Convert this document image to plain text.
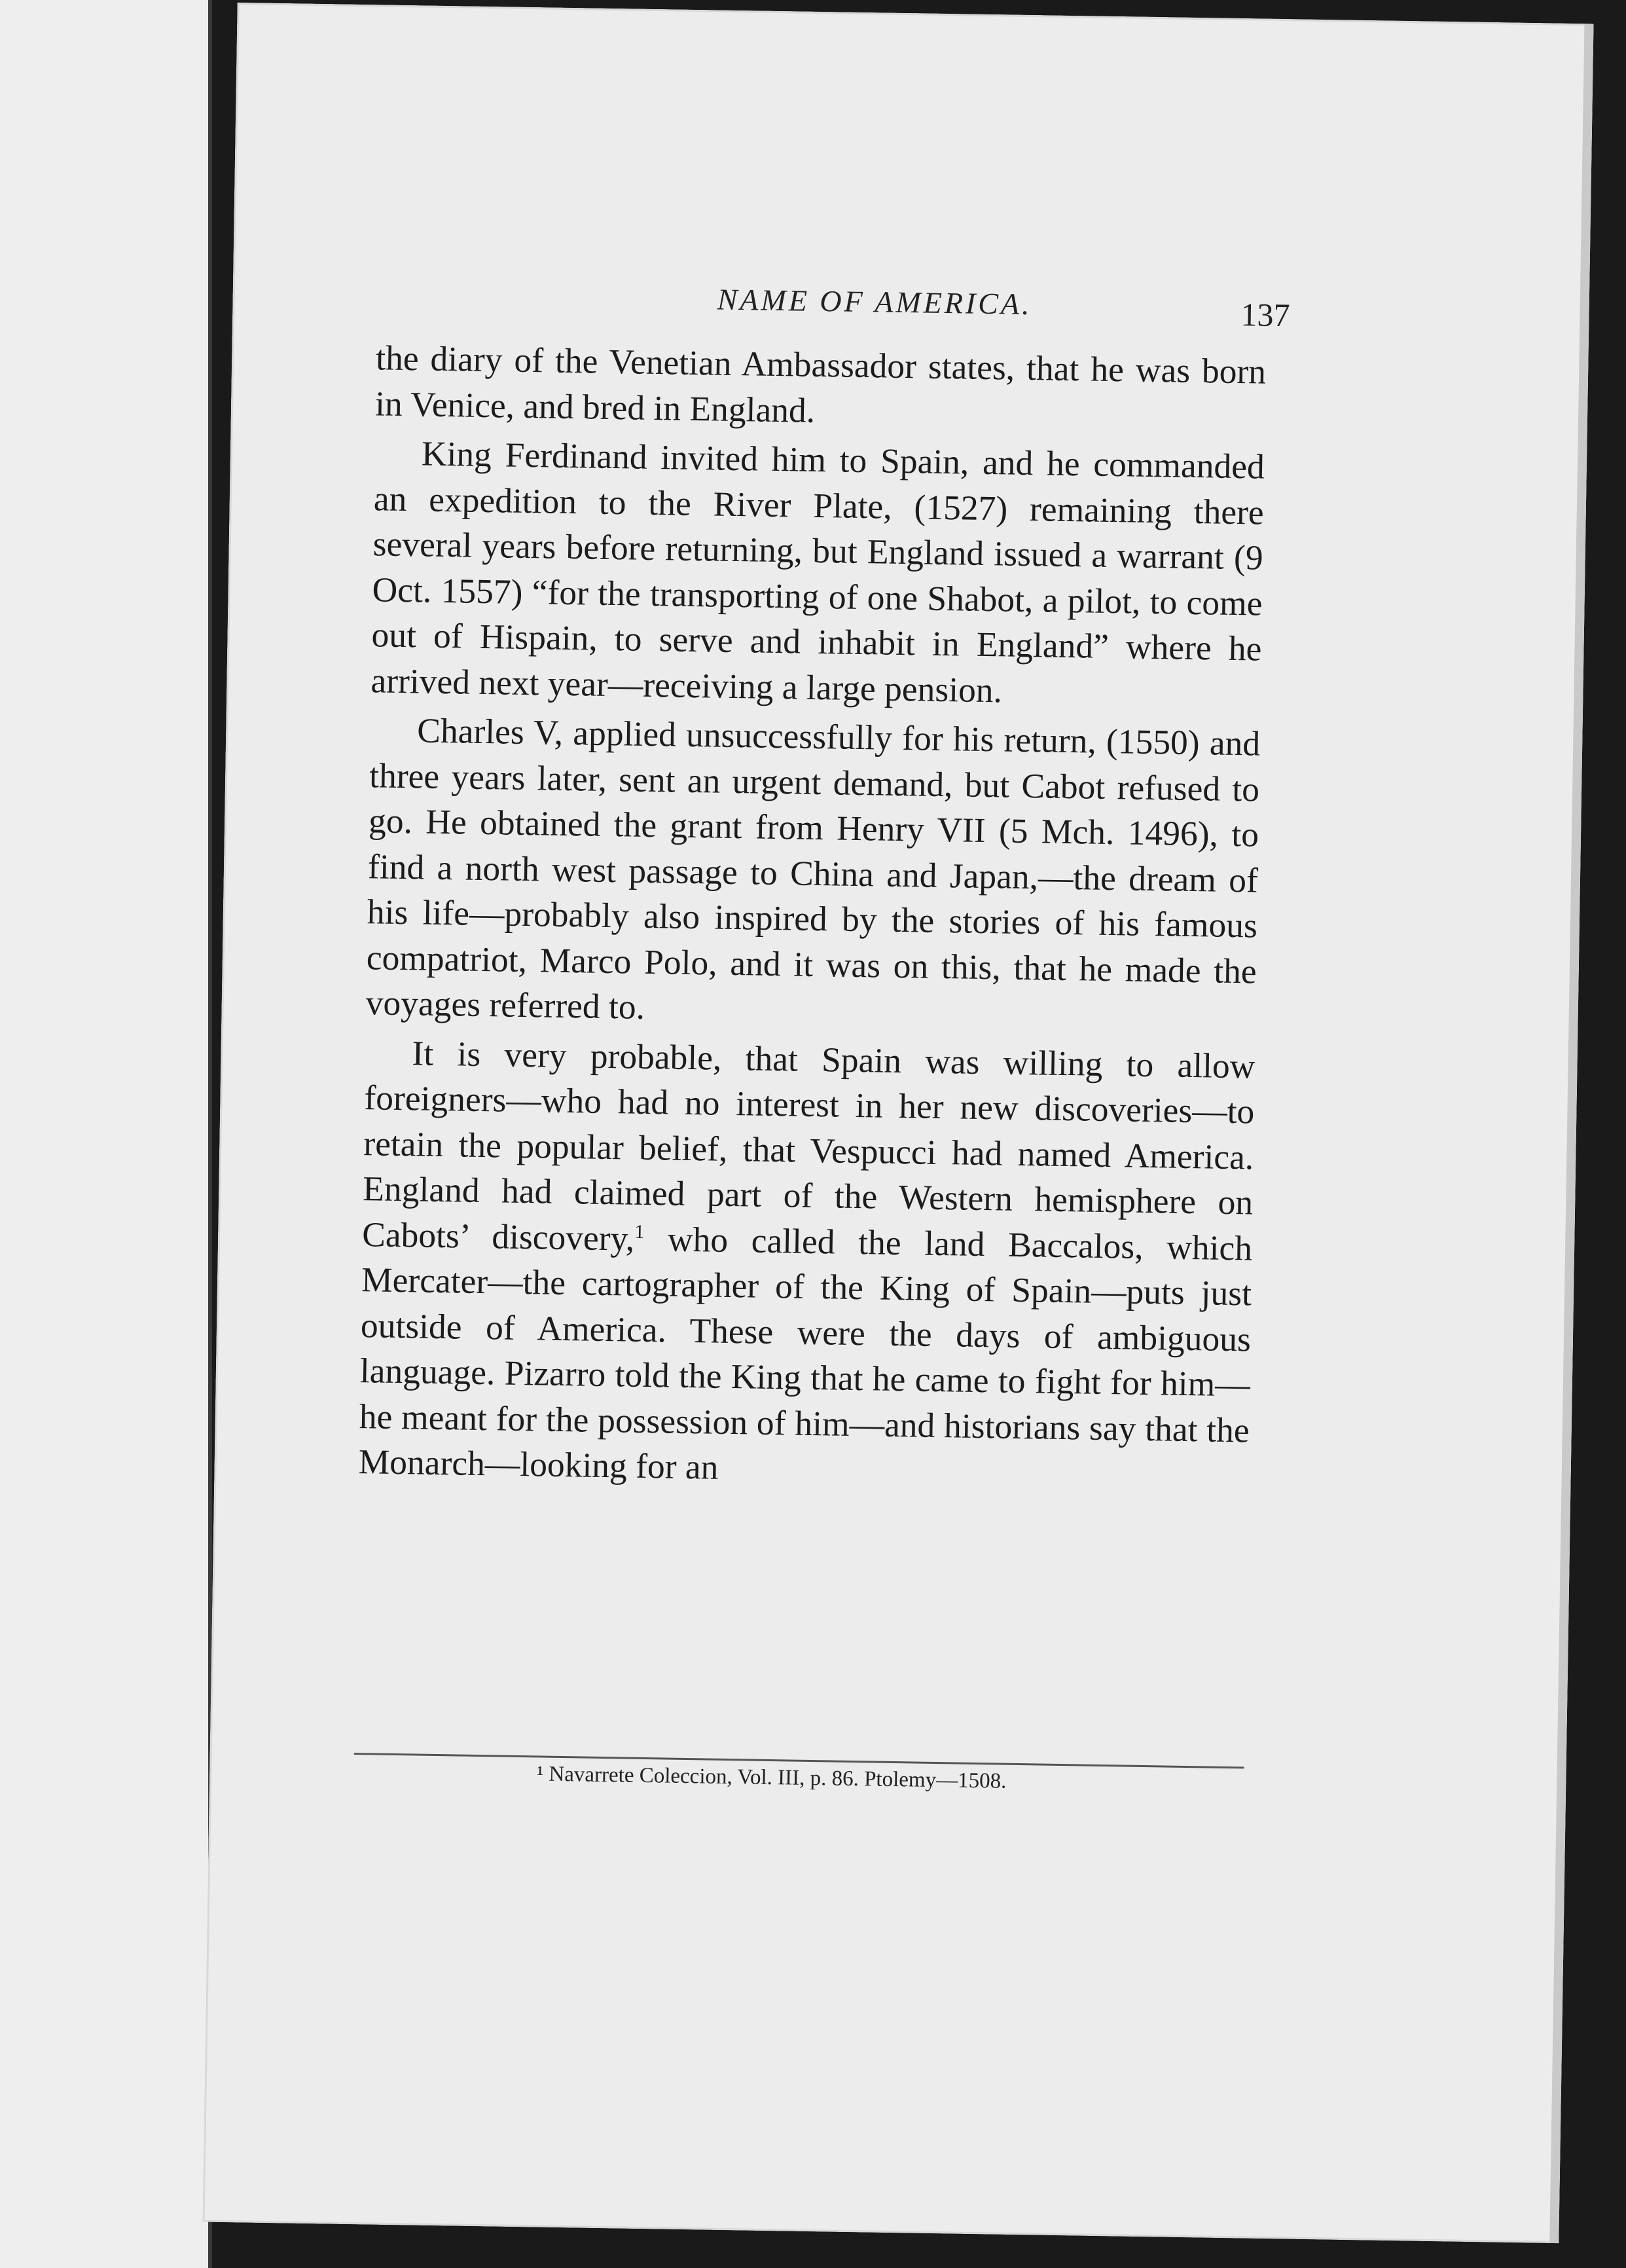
NAME OF AMERICA.	137

the diary of the Venetian Ambassador states, that he was born in Venice, and bred in England.

King Ferdinand invited him to Spain, and he commanded an expedition to the River Plate, (1527) remaining there several years before returning, but England issued a warrant (9 Oct. 1557) “for the transporting of one Shabot, a pilot, to come out of Hispain, to serve and inhabit in England” where he arrived next year—receiving a large pension.

Charles V, applied unsuccessfully for his return, (1550) and three years later, sent an urgent demand, but Cabot refused to go. He obtained the grant from Henry VII (5 Mch. 1496), to find a north west passage to China and Japan,—the dream of his life—probably also inspired by the stories of his famous compatriot, Marco Polo, and it was on this, that he made the voyages referred to.

It is very probable, that Spain was willing to allow foreigners—who had no interest in her new discoveries—to retain the popular belief, that Vespucci had named America. England had claimed part of the Western hemisphere on Cabots’ discovery,$^1$ who called the land Baccalos, which Mercater—the cartographer of the King of Spain—puts just outside of America. These were the days of ambiguous language. Pizarro told the King that he came to fight for him—he meant for the possession of him—and historians say that the Monarch—looking for an

¹ Navarrete Coleccion, Vol. III, p. 86. Ptolemy—1508.
